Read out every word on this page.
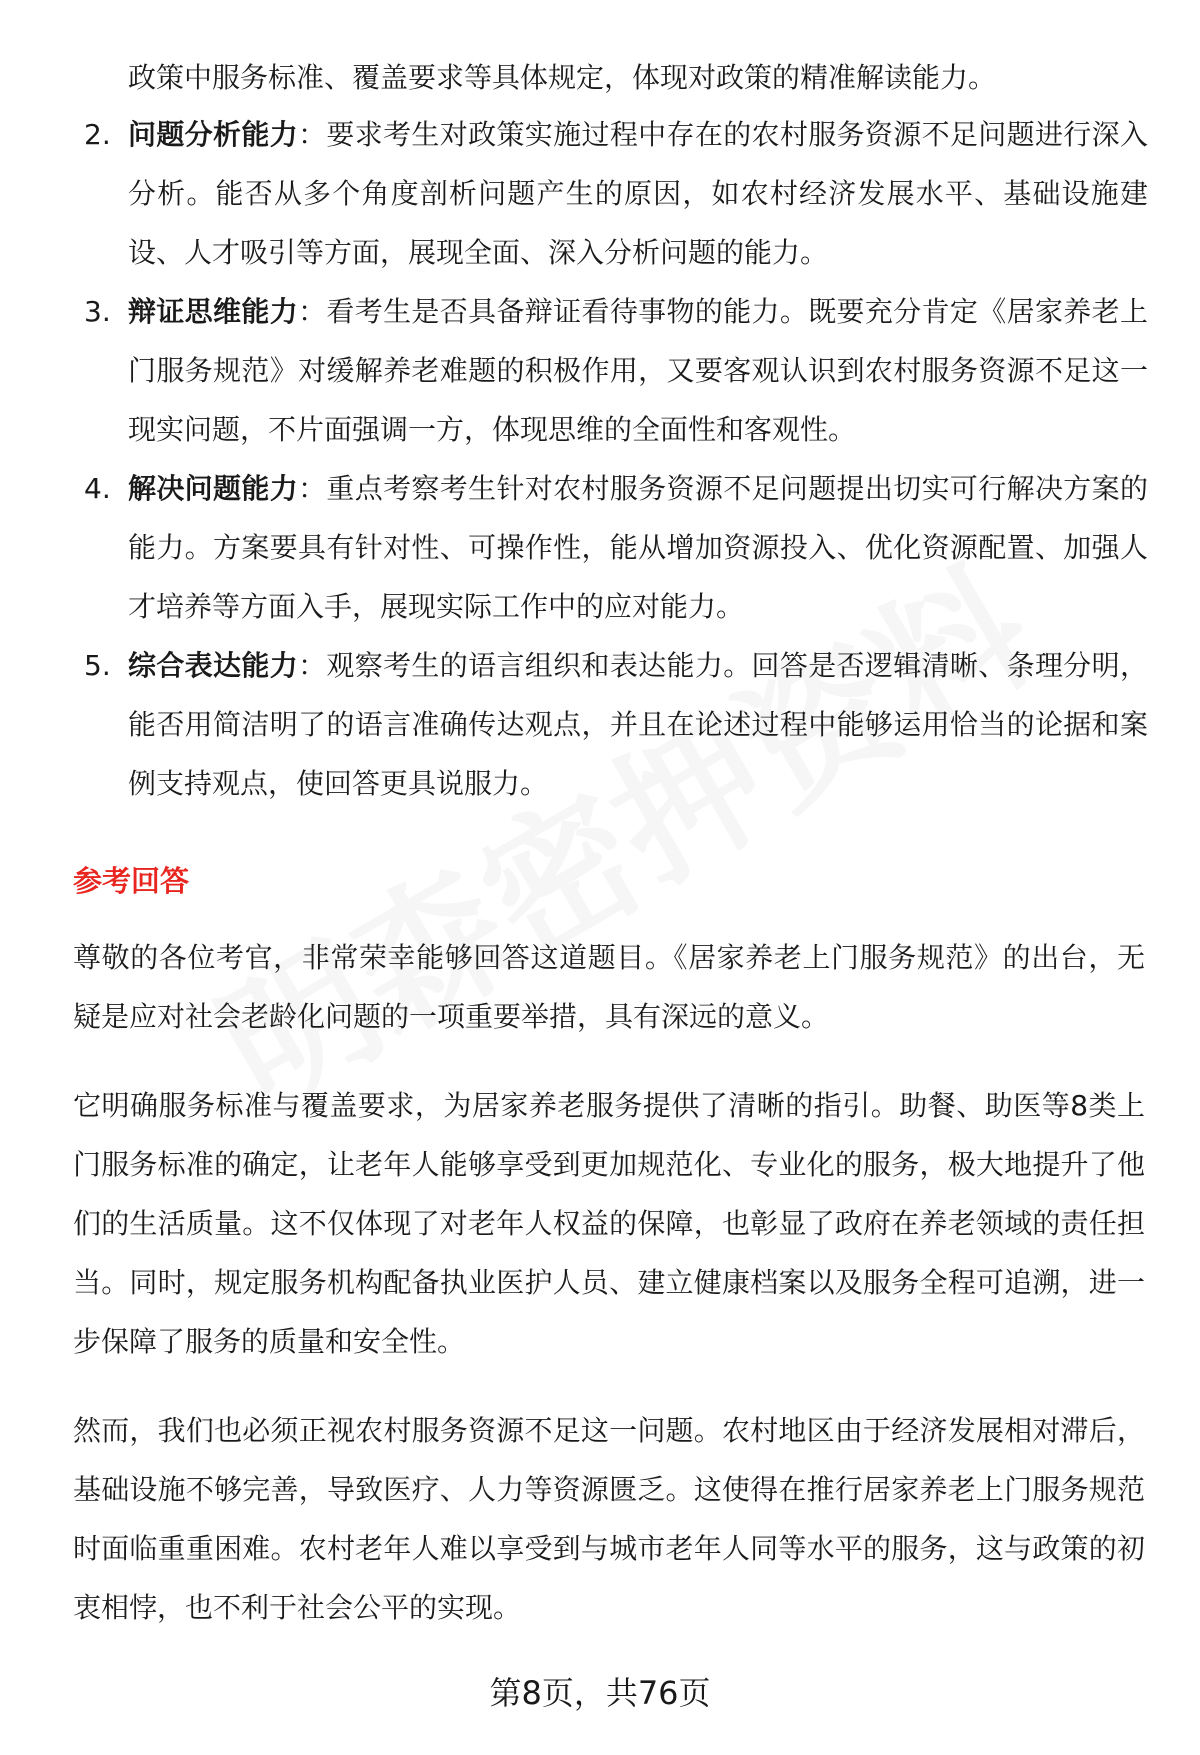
政策中服务标准、覆盖要求等具体规定，体现对政策的精准解读能力。
2. 问题分析能力：要求考生对政策实施过程中存在的农村服务资源不足问题进行深入分析。能否从多个角度剖析问题产生的原因，如农村经济发展水平、基础设施建设、人才吸引等方面，展现全面、深入分析问题的能力。
3. 辩证思维能力：看考生是否具备辩证看待事物的能力。既要充分肯定《居家养老上门服务规范》对缓解养老难题的积极作用，又要客观认识到农村服务资源不足这一现实问题，不片面强调一方，体现思维的全面性和客观性。
4. 解决问题能力：重点考察考生针对农村服务资源不足问题提出切实可行解决方案的能力。方案要具有针对性、可操作性，能从增加资源投入、优化资源配置、加强人才培养等方面入手，展现实际工作中的应对能力。
5. 综合表达能力：观察考生的语言组织和表达能力。回答是否逻辑清晰、条理分明，能否用简洁明了的语言准确传达观点，并且在论述过程中能够运用恰当的论据和案例支持观点，使回答更具说服力。
参考回答
尊敬的各位考官，非常荣幸能够回答这道题目。《居家养老上门服务规范》的出台，无疑是应对社会老龄化问题的一项重要举措，具有深远的意义。
它明确服务标准与覆盖要求，为居家养老服务提供了清晰的指引。助餐、助医等8类上门服务标准的确定，让老年人能够享受到更加规范化、专业化的服务，极大地提升了他们的生活质量。这不仅体现了对老年人权益的保障，也彰显了政府在养老领域的责任担当。同时，规定服务机构配备执业医护人员、建立健康档案以及服务全程可追溯，进一步保障了服务的质量和安全性。
然而，我们也必须正视农村服务资源不足这一问题。农村地区由于经济发展相对滞后，基础设施不够完善，导致医疗、人力等资源匮乏。这使得在推行居家养老上门服务规范时面临重重困难。农村老年人难以享受到与城市老年人同等水平的服务，这与政策的初衷相悖，也不利于社会公平的实现。
第8页，共76页
